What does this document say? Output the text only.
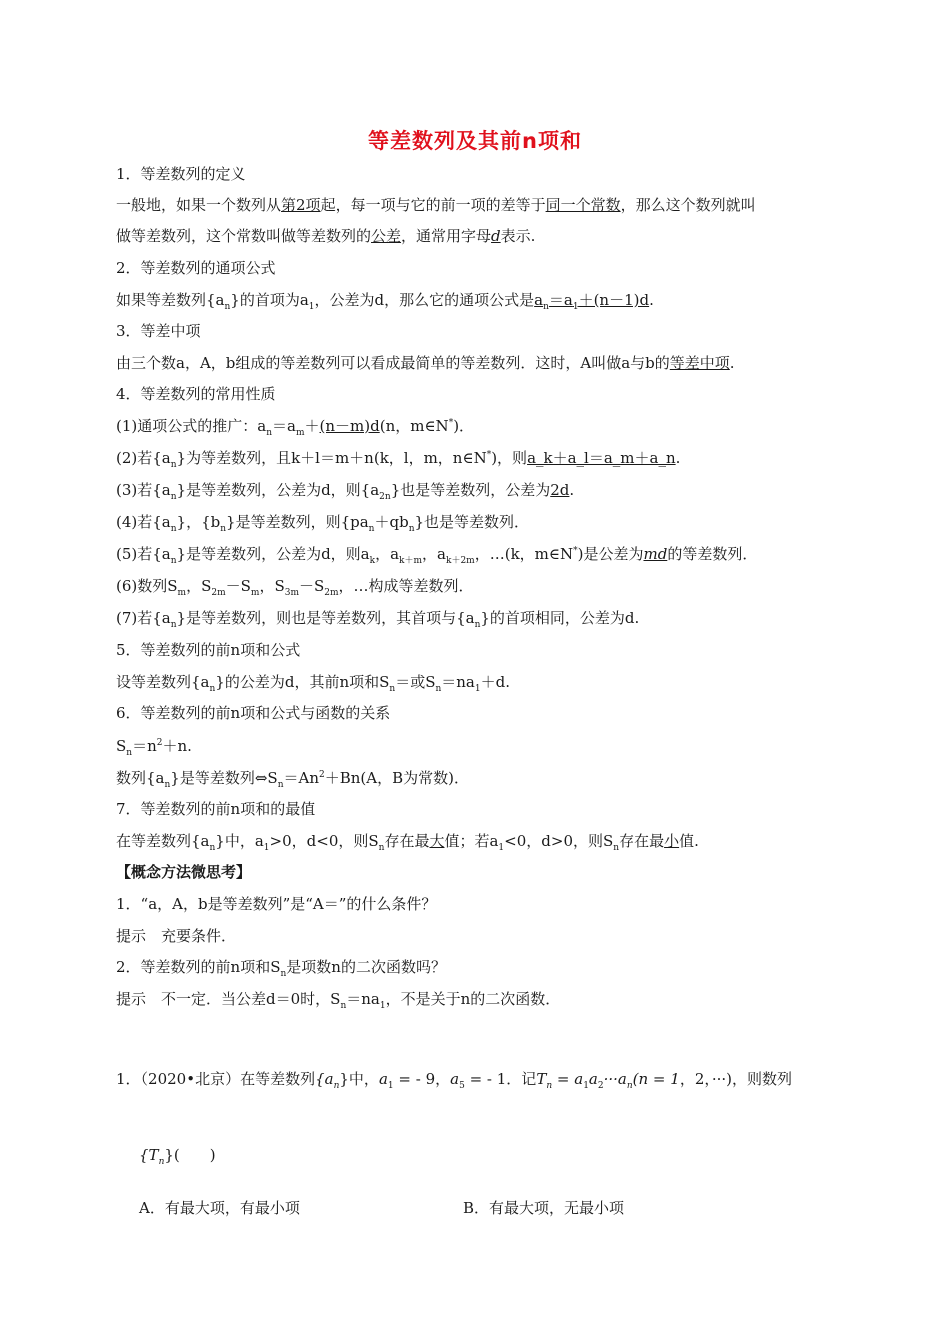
等差数列及其前n项和
1．等差数列的定义
一般地，如果一个数列从第2项起，每一项与它的前一项的差等于同一个常数，那么这个数列就叫
做等差数列，这个常数叫做等差数列的公差，通常用字母d表示.
2．等差数列的通项公式
如果等差数列$\{a_n\}$的首项为$a_1$，公差为d，那么它的通项公式是$a_n=a_1+(n-1)d$.
3．等差中项
由三个数a，A，b组成的等差数列可以看成最简单的等差数列．这时，A叫做a与b的等差中项.
4．等差数列的常用性质
(1)通项公式的推广：$a_n=a_m+(n-m)d(n$，m∈N*)．
(2)若$\{a_n\}$为等差数列，且k＋l＝m＋n(k，l，m，n∈N*)，则a_k＋a_l＝a_m＋a_n.
(3)若$\{a_n\}$是等差数列，公差为d，则$\{a_{2n}\}$也是等差数列，公差为2d.
(4)若$\{a_n\}$，$\{b_n\}$是等差数列，则$\{pa_n+qb_n\}$也是等差数列．
(5)若$\{a_n\}$是等差数列，公差为d，则$a_k$，$a_{k+m}$，$a_{k+2m}$，…(k，m∈N*)是公差为md的等差数列．
(6)数列$S_m$，$S_{2m}-S_m$，$S_{3m}-S_{2m}$，…构成等差数列．
(7)若$\{a_n\}$是等差数列，则也是等差数列，其首项与$\{a_n\}$的首项相同，公差为d.
5．等差数列的前n项和公式
设等差数列$\{a_n\}$的公差为d，其前n项和$S_n=$或$S_n=na_1+d$.
6．等差数列的前n项和公式与函数的关系
$S_n=n^2+n$.
数列$\{a_n\}$是等差数列$\Leftrightarrow S_n=An^2+Bn(A$，B为常数)．
7．等差数列的前n项和的最值
在等差数列$\{a_n\}$中，$a_1>0$，d<0，则$S_n$存在最大值；若$a_1<0$，d>0，则$S_n$存在最小值.
【概念方法微思考】
1．“a，A，b是等差数列”是“A＝”的什么条件？
提示　充要条件．
2．等差数列的前n项和$S_n$是项数n的二次函数吗？
提示　不一定．当公差d＝0时，$S_n=na_1$，不是关于n的二次函数．
1．（2020•北京）在等差数列$\{a_n\}$中，$a_1$ = - 9，$a_5$ = - 1．记$T_n = a_1a_2\cdot\cdot\cdot a_n(n = 1$，2，···)，则数列
$\{T_n\}$(　　)
A．有最大项，有最小项	B．有最大项，无最小项
